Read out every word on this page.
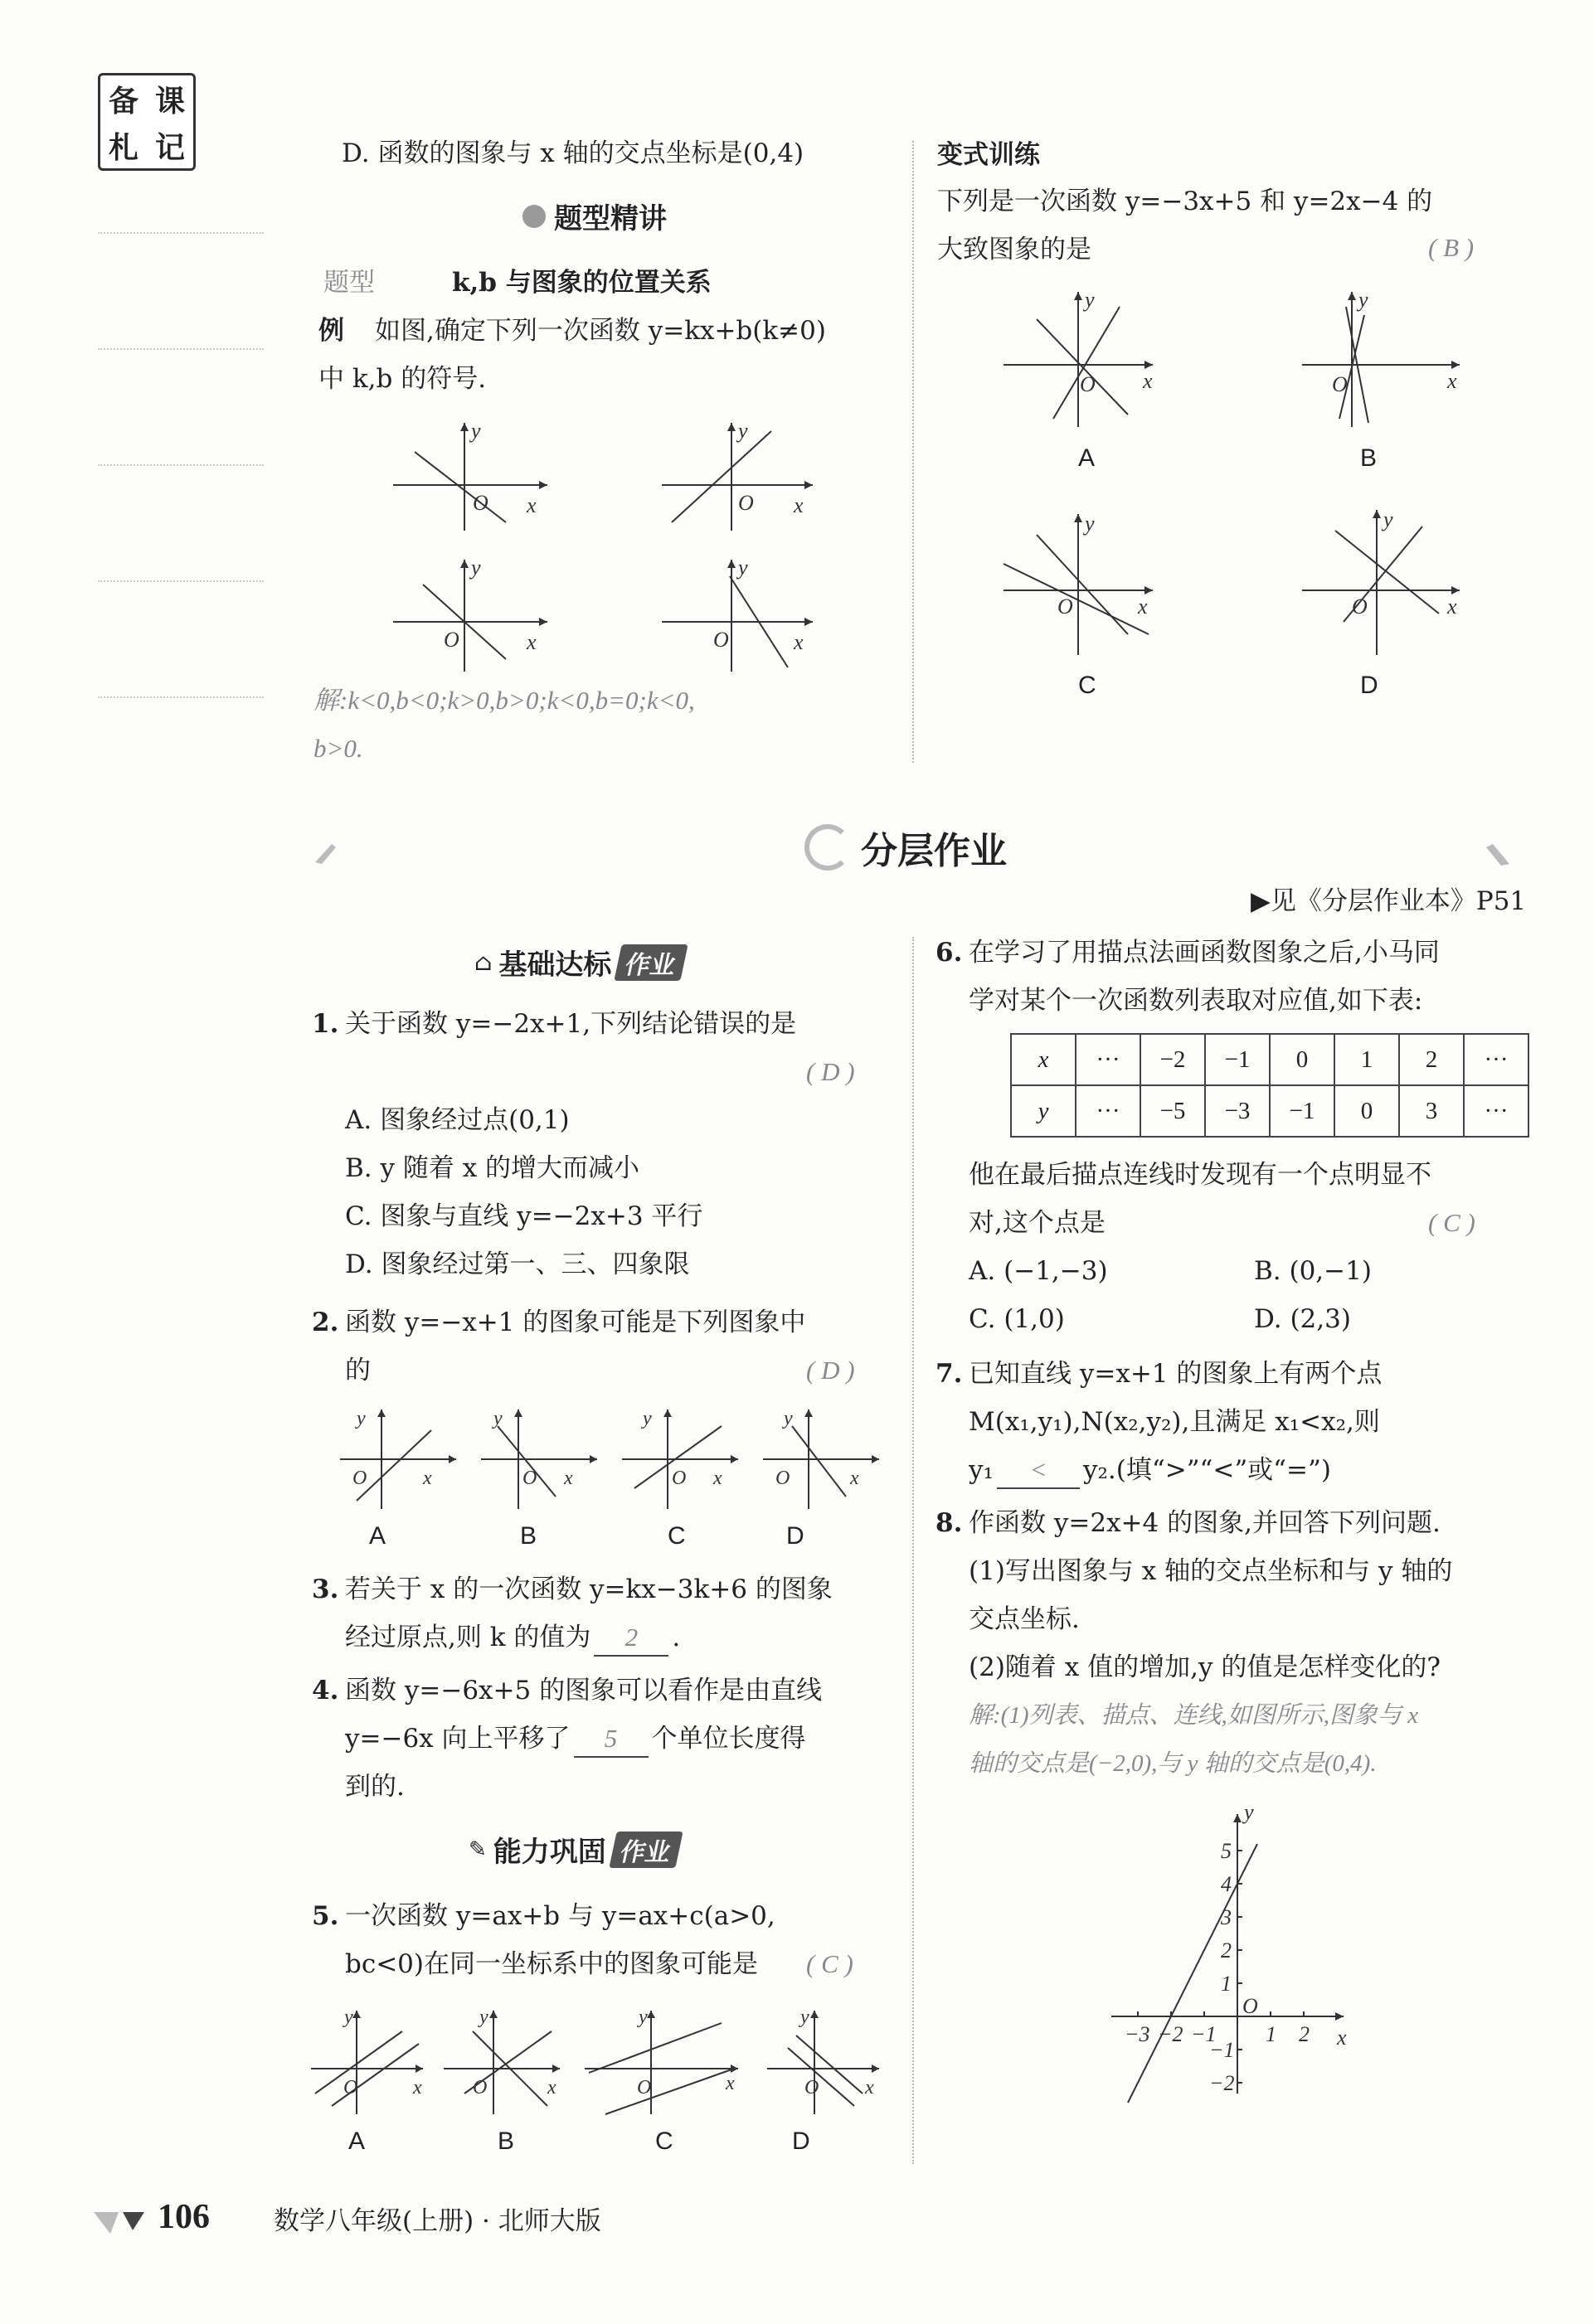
备 课
札 记	D. 函数的图象与 x 轴的交点坐标是(0,4)
题型精讲
题型	k,b 与图象的位置关系
例 如图,确定下列一次函数 y=kx+b(k≠0)
中 k,b 的符号.
y
O x
y
O x
y
O	x
y
O	x
解:k<0,b<0;k>0,b>0;k<0,b=0;k<0,
b>0.
变式训练
下列是一次函数 y=−3x+5 和 y=2x−4 的
大致图象的是	( B )
y
O x
y
O	x
y
O	x
y
O	x
A	B
C	D
分层作业
▶见《分层作业本》P51
⌂ 基础达标 作业
1. 关于函数 y=−2x+1,下列结论错误的是
( D )
A. 图象经过点(0,1)
B. y 随着 x 的增大而减小
C. 图象与直线 y=−2x+3 平行
D. 图象经过第一、三、四象限
2. 函数 y=−x+1 的图象可能是下列图象中
的	( D )
y
O	x
y
O x
y
O x
y
O	x
A	B	C	D
3. 若关于 x 的一次函数 y=kx−3k+6 的图象
经过原点,则 k 的值为	2	.
4. 函数 y=−6x+5 的图象可以看作是由直线
y=−6x 向上平移了	5	个单位长度得
到的.
✎ 能力巩固 作业
5. 一次函数 y=ax+b 与 y=ax+c(a>0,
bc<0)在同一坐标系中的图象可能是 ( C )
y
O	x
y
O	x
y
O	x
y
O x
A	B	C	D
6. 在学习了用描点法画函数图象之后,小马同
学对某个一次函数列表取对应值,如下表:
x	···	−2	−1	0	1	2	···
y	···	−5	−3	−1	0	3	···
他在最后描点连线时发现有一个点明显不
对,这个点是	( C )
A. (−1,−3)	B. (0,−1)
C. (1,0)	D. (2,3)
7. 已知直线 y=x+1 的图象上有两个点
M(x₁,y₁),N(x₂,y₂),且满足 x₁<x₂,则
y₁	<	y₂.(填“>”“<”或“=”)
8. 作函数 y=2x+4 的图象,并回答下列问题.
(1)写出图象与 x 轴的交点坐标和与 y 轴的
交点坐标.
(2)随着 x 值的增加,y 的值是怎样变化的?
解:(1)列表、描点、连线,如图所示,图象与 x
轴的交点是(−2,0),与 y 轴的交点是(0,4).
y
x
O
−3 −2 −1 1 2
5
4
3
2
1
−1
−2
106 数学八年级(上册) · 北师大版
